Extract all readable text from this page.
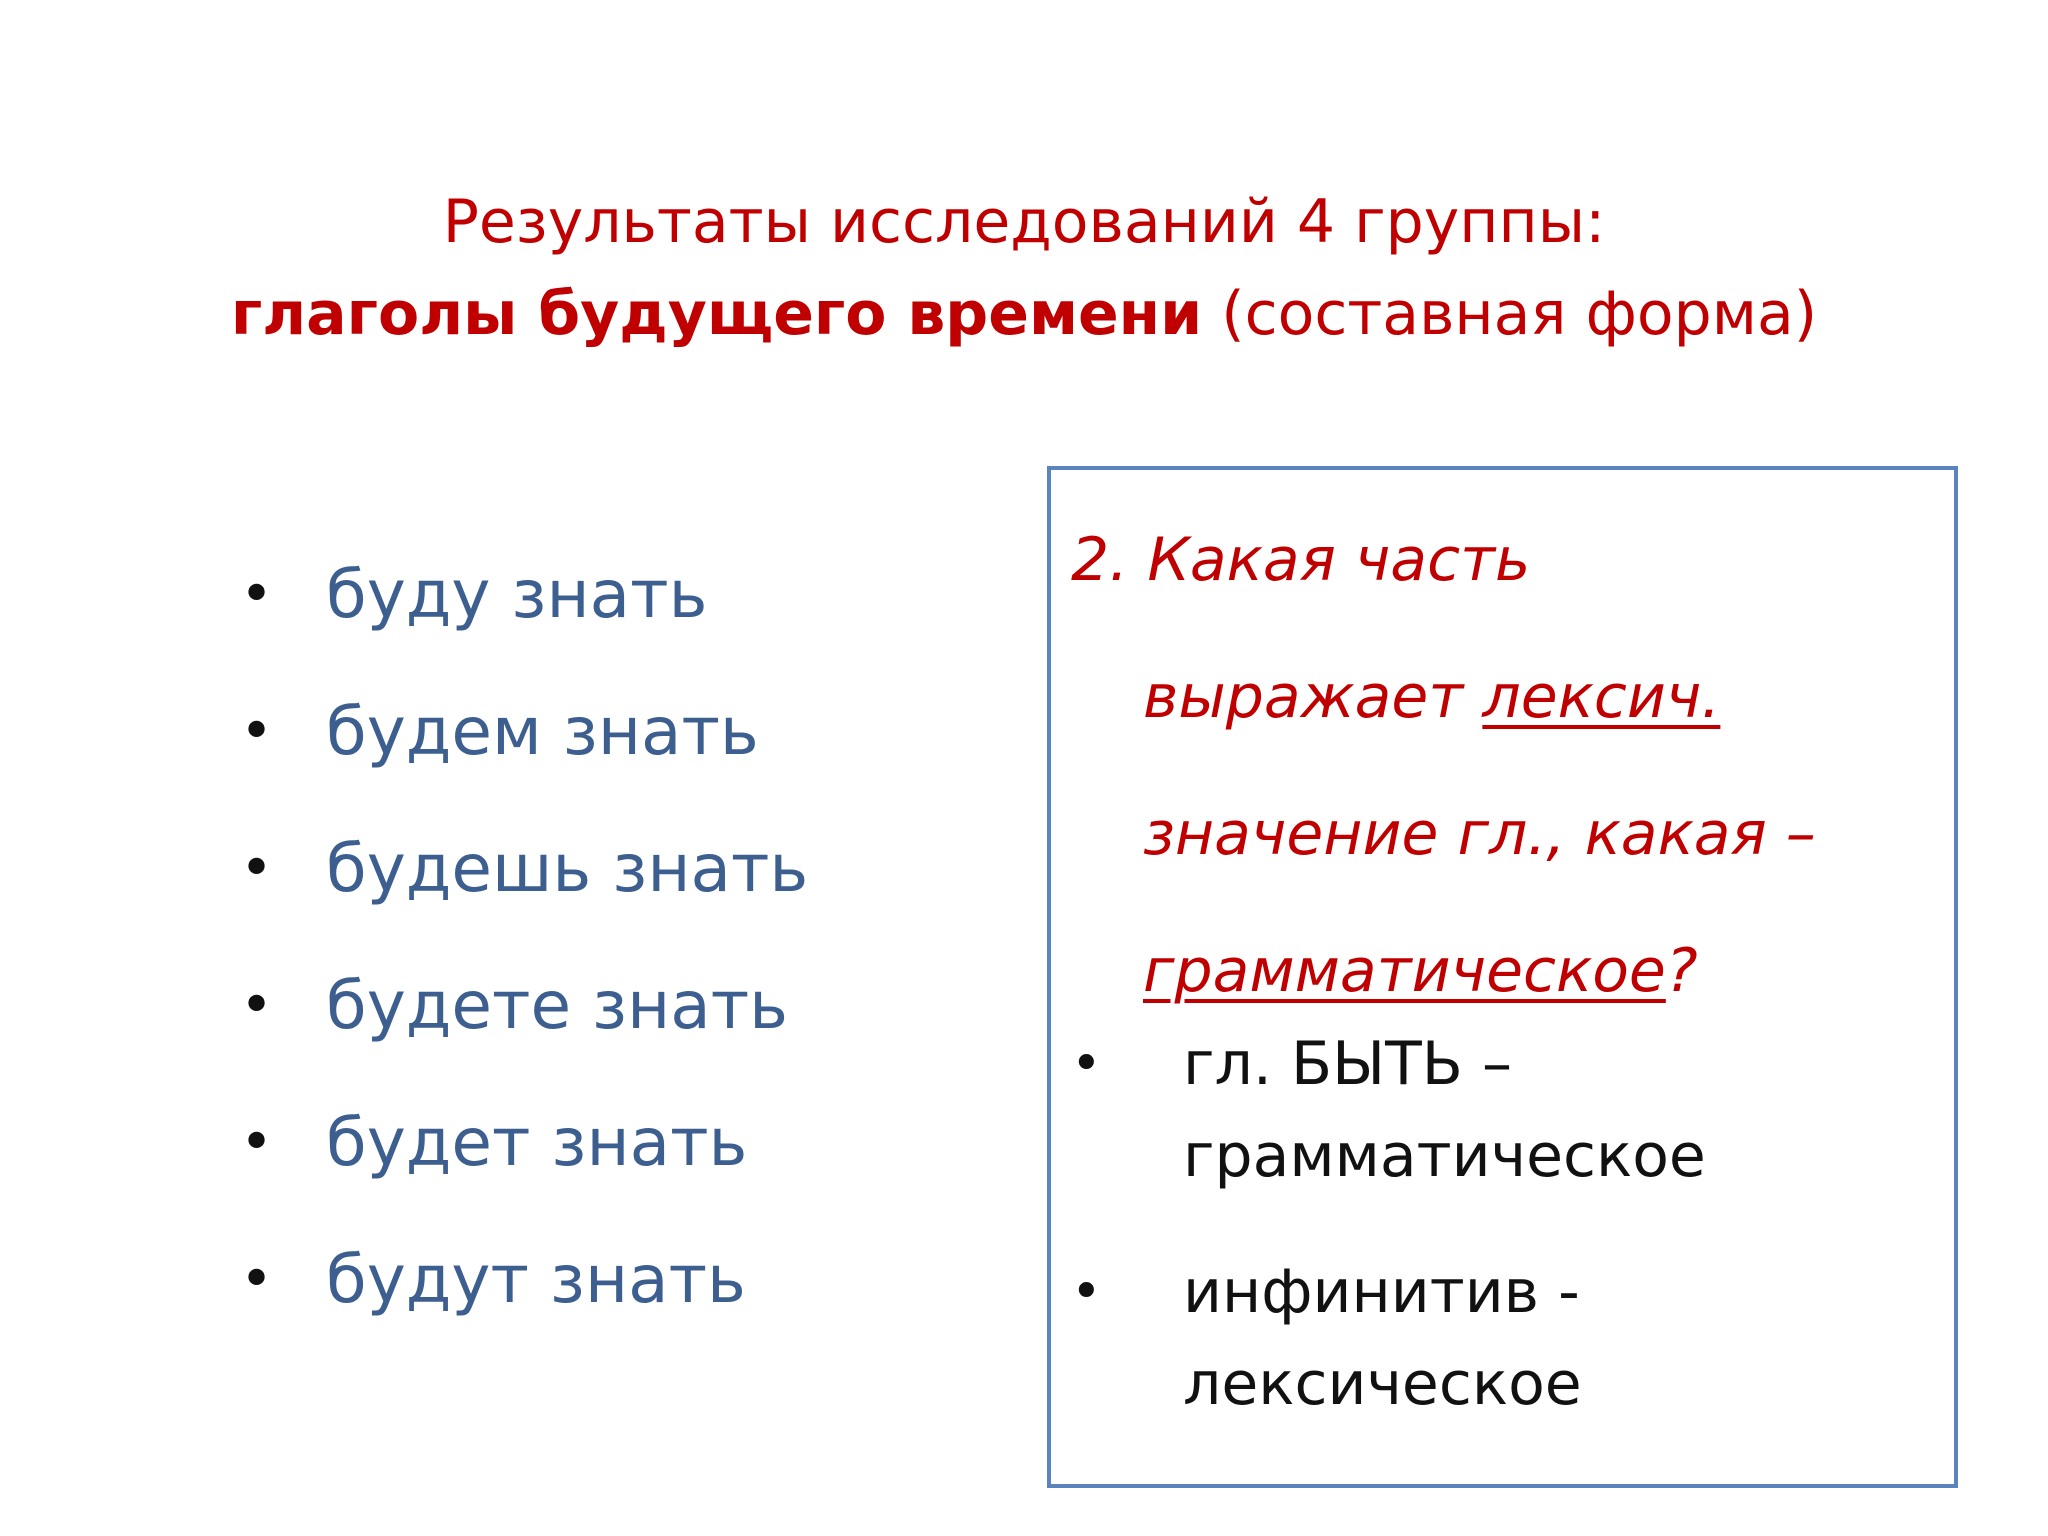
Результаты исследований 4 группы:
глаголы будущего времени (составная форма)
• буду знать
• будем знать
• будешь знать
• будете знать
• будет знать
• будут знать
2. Какая часть
выражает лексич.
значение гл., какая –
грамматическое?
• гл. БЫТЬ –
грамматическое
• инфинитив -
лексическое
